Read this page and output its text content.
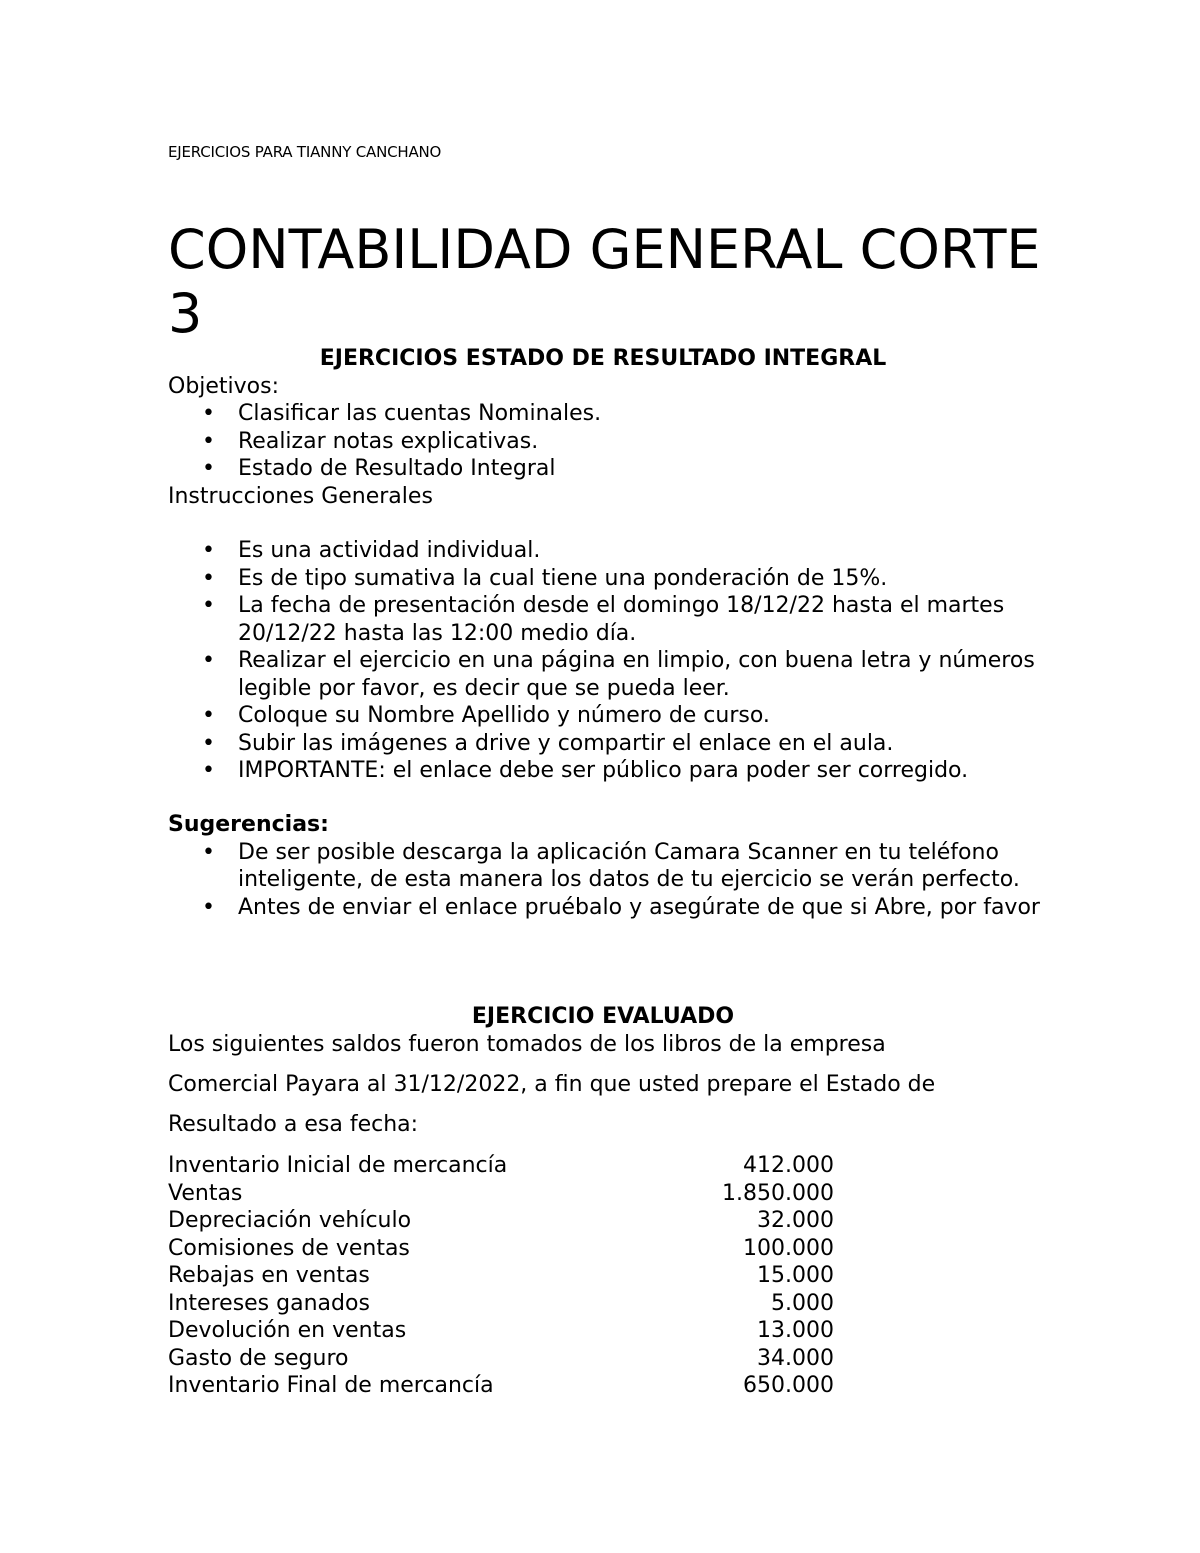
EJERCICIOS PARA TIANNY CANCHANO
CONTABILIDAD GENERAL CORTE 3
EJERCICIOS ESTADO DE RESULTADO INTEGRAL
Objetivos:
• Clasificar las cuentas Nominales.
• Realizar notas explicativas.
• Estado de Resultado Integral
Instrucciones Generales
• Es una actividad individual.
• Es de tipo sumativa la cual tiene una ponderación de 15%.
• La fecha de presentación desde el domingo 18/12/22 hasta el martes 20/12/22 hasta las 12:00 medio día.
• Realizar el ejercicio en una página en limpio, con buena letra y números legible por favor, es decir que se pueda leer.
• Coloque su Nombre Apellido y número de curso.
• Subir las imágenes a drive y compartir el enlace en el aula.
• IMPORTANTE: el enlace debe ser público para poder ser corregido.
Sugerencias:
• De ser posible descarga la aplicación Camara Scanner en tu teléfono inteligente, de esta manera los datos de tu ejercicio se verán perfecto.
• Antes de enviar el enlace pruébalo y asegúrate de que si Abre, por favor
EJERCICIO EVALUADO
Los siguientes saldos fueron tomados de los libros de la empresa
Comercial Payara al 31/12/2022, a fin que usted prepare el Estado de
Resultado a esa fecha:
Inventario Inicial de mercancía	412.000
Ventas	1.850.000
Depreciación vehículo	32.000
Comisiones de ventas	100.000
Rebajas en ventas	15.000
Intereses ganados	5.000
Devolución en ventas	13.000
Gasto de seguro	34.000
Inventario Final de mercancía	650.000
